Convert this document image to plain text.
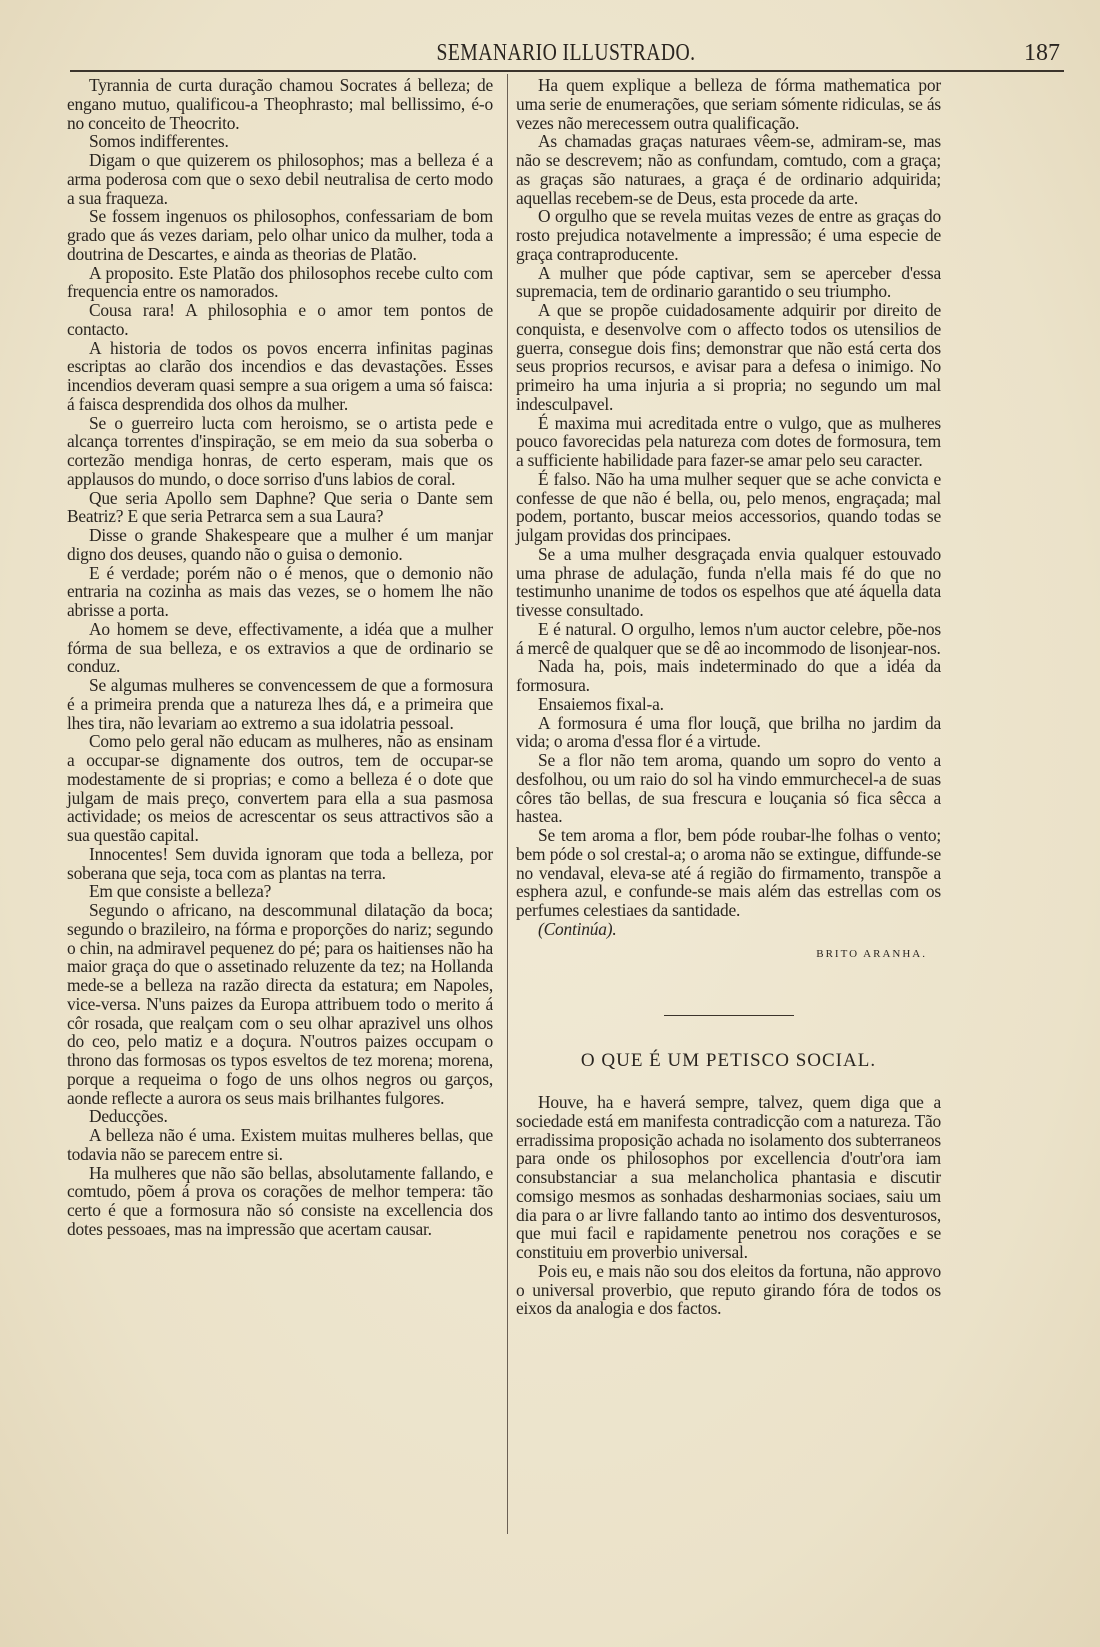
SEMANARIO ILLUSTRADO.	187

Tyrannia de curta duração chamou Socrates á belleza; de engano mutuo, qualificou-a Theophrasto; mal bellissimo, é-o no conceito de Theocrito.

Somos indifferentes.

Digam o que quizerem os philosophos; mas a belleza é a arma poderosa com que o sexo debil neutralisa de certo modo a sua fraqueza.

Se fossem ingenuos os philosophos, confessariam de bom grado que ás vezes dariam, pelo olhar unico da mulher, toda a doutrina de Descartes, e ainda as theorias de Platão.

A proposito. Este Platão dos philosophos recebe culto com frequencia entre os namorados.

Cousa rara! A philosophia e o amor tem pontos de contacto.

A historia de todos os povos encerra infinitas paginas escriptas ao clarão dos incendios e das devastações. Esses incendios deveram quasi sempre a sua origem a uma só faisca: á faisca desprendida dos olhos da mulher.

Se o guerreiro lucta com heroismo, se o artista pede e alcança torrentes d'inspiração, se em meio da sua soberba o cortezão mendiga honras, de certo esperam, mais que os applausos do mundo, o doce sorriso d'uns labios de coral.

Que seria Apollo sem Daphne? Que seria o Dante sem Beatriz? E que seria Petrarca sem a sua Laura?

Disse o grande Shakespeare que a mulher é um manjar digno dos deuses, quando não o guisa o demonio.

E é verdade; porém não o é menos, que o demonio não entraria na cozinha as mais das vezes, se o homem lhe não abrisse a porta.

Ao homem se deve, effectivamente, a idéa que a mulher fórma de sua belleza, e os extravios a que de ordinario se conduz.

Se algumas mulheres se convencessem de que a formosura é a primeira prenda que a natureza lhes dá, e a primeira que lhes tira, não levariam ao extremo a sua idolatria pessoal.

Como pelo geral não educam as mulheres, não as ensinam a occupar-se dignamente dos outros, tem de occupar-se modestamente de si proprias; e como a belleza é o dote que julgam de mais preço, convertem para ella a sua pasmosa actividade; os meios de acrescentar os seus attractivos são a sua questão capital.

Innocentes! Sem duvida ignoram que toda a belleza, por soberana que seja, toca com as plantas na terra.

Em que consiste a belleza?

Segundo o africano, na descommunal dilatação da boca; segundo o brazileiro, na fórma e proporções do nariz; segundo o chin, na admiravel pequenez do pé; para os haitienses não ha maior graça do que o assetinado reluzente da tez; na Hollanda mede-se a belleza na razão directa da estatura; em Napoles, vice-versa. N'uns paizes da Europa attribuem todo o merito á côr rosada, que realçam com o seu olhar aprazivel uns olhos do ceo, pelo matiz e a doçura. N'outros paizes occupam o throno das formosas os typos esveltos de tez morena; morena, porque a requeima o fogo de uns olhos negros ou garços, aonde reflecte a aurora os seus mais brilhantes fulgores.

Deducções.

A belleza não é uma. Existem muitas mulheres bellas, que todavia não se parecem entre si.

Ha mulheres que não são bellas, absolutamente fallando, e comtudo, põem á prova os corações de melhor tempera: tão certo é que a formosura não só consiste na excellencia dos dotes pessoaes, mas na impressão que acertam causar.

Ha quem explique a belleza de fórma mathematica por uma serie de enumerações, que seriam sómente ridiculas, se ás vezes não merecessem outra qualificação.

As chamadas graças naturaes vêem-se, admiram-se, mas não se descrevem; não as confundam, comtudo, com a graça; as graças são naturaes, a graça é de ordinario adquirida; aquellas recebem-se de Deus, esta procede da arte.

O orgulho que se revela muitas vezes de entre as graças do rosto prejudica notavelmente a impressão; é uma especie de graça contraproducente.

A mulher que póde captivar, sem se aperceber d'essa supremacia, tem de ordinario garantido o seu triumpho.

A que se propõe cuidadosamente adquirir por direito de conquista, e desenvolve com o affecto todos os utensilios de guerra, consegue dois fins; demonstrar que não está certa dos seus proprios recursos, e avisar para a defesa o inimigo. No primeiro ha uma injuria a si propria; no segundo um mal indesculpavel.

É maxima mui acreditada entre o vulgo, que as mulheres pouco favorecidas pela natureza com dotes de formosura, tem a sufficiente habilidade para fazer-se amar pelo seu caracter.

É falso. Não ha uma mulher sequer que se ache convicta e confesse de que não é bella, ou, pelo menos, engraçada; mal podem, portanto, buscar meios accessorios, quando todas se julgam providas dos principaes.

Se a uma mulher desgraçada envia qualquer estouvado uma phrase de adulação, funda n'ella mais fé do que no testimunho unanime de todos os espelhos que até áquella data tivesse consultado.

E é natural. O orgulho, lemos n'um auctor celebre, põe-nos á mercê de qualquer que se dê ao incommodo de lisonjear-nos.

Nada ha, pois, mais indeterminado do que a idéa da formosura.

Ensaiemos fixal-a.

A formosura é uma flor louçã, que brilha no jardim da vida; o aroma d'essa flor é a virtude.

Se a flor não tem aroma, quando um sopro do vento a desfolhou, ou um raio do sol ha vindo emmurchecel-a de suas côres tão bellas, de sua frescura e louçania só fica sêcca a hastea.

Se tem aroma a flor, bem póde roubar-lhe folhas o vento; bem póde o sol crestal-a; o aroma não se extingue, diffunde-se no vendaval, eleva-se até á região do firmamento, transpõe a esphera azul, e confunde-se mais além das estrellas com os perfumes celestiaes da santidade.

(Continúa).

BRITO ARANHA.
O QUE É UM PETISCO SOCIAL.

Houve, ha e haverá sempre, talvez, quem diga que a sociedade está em manifesta contradicção com a natureza. Tão erradissima proposição achada no isolamento dos subterraneos para onde os philosophos por excellencia d'outr'ora iam consubstanciar a sua melancholica phantasia e discutir comsigo mesmos as sonhadas desharmonias sociaes, saiu um dia para o ar livre fallando tanto ao intimo dos desventurosos, que mui facil e rapidamente penetrou nos corações e se constituiu em proverbio universal.

Pois eu, e mais não sou dos eleitos da fortuna, não approvo o universal proverbio, que reputo girando fóra de todos os eixos da analogia e dos factos.
